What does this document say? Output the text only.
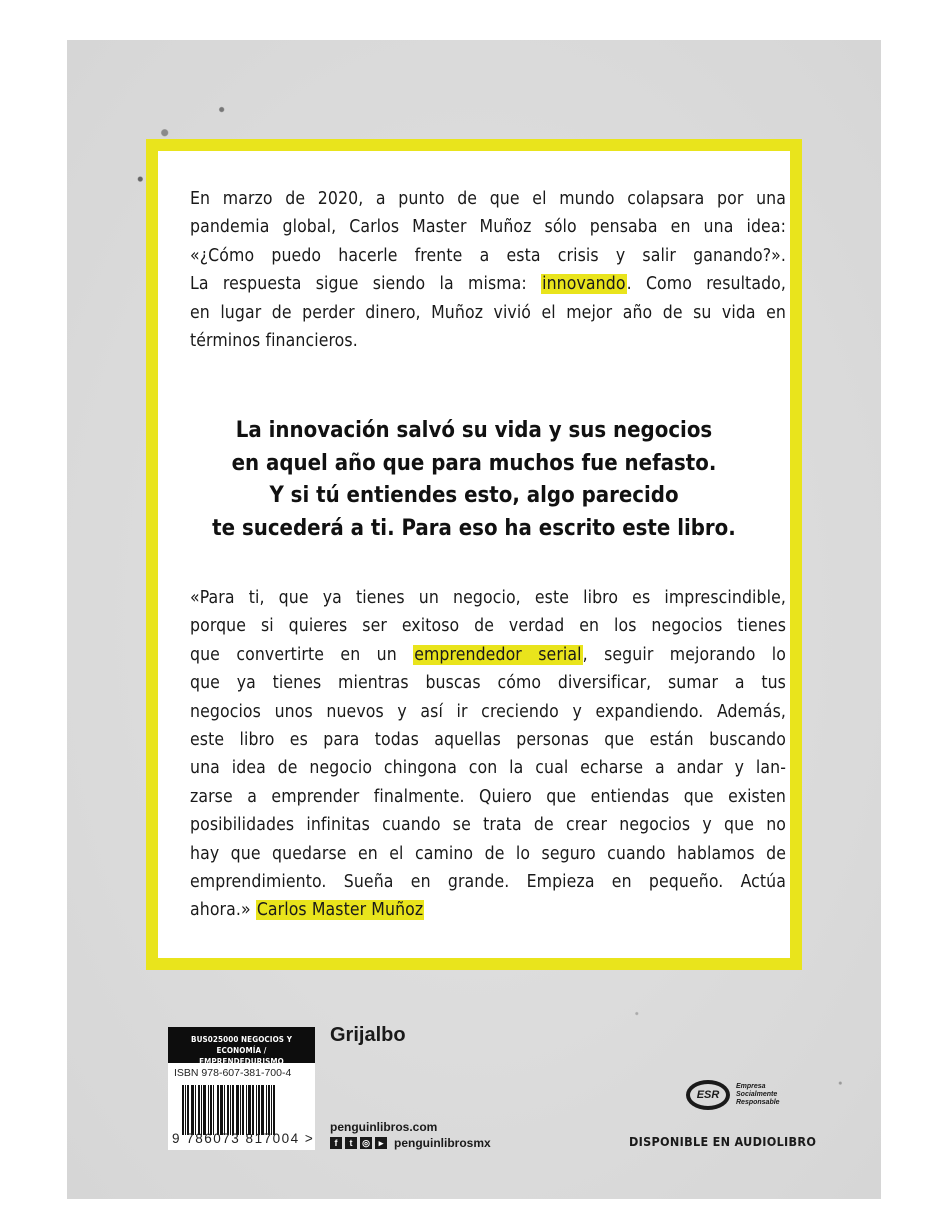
En marzo de 2020, a punto de que el mundo colapsara por una
pandemia global, Carlos Master Muñoz sólo pensaba en una idea:
«¿Cómo puedo hacerle frente a esta crisis y salir ganando?».
La respuesta sigue siendo la misma: innovando. Como resultado,
en lugar de perder dinero, Muñoz vivió el mejor año de su vida en
términos financieros.
La innovación salvó su vida y sus negocios
en aquel año que para muchos fue nefasto.
Y si tú entiendes esto, algo parecido
te sucederá a ti. Para eso ha escrito este libro.
«Para ti, que ya tienes un negocio, este libro es imprescindible,
porque si quieres ser exitoso de verdad en los negocios tienes
que convertirte en un emprendedor serial, seguir mejorando lo
que ya tienes mientras buscas cómo diversificar, sumar a tus
negocios unos nuevos y así ir creciendo y expandiendo. Además,
este libro es para todas aquellas personas que están buscando
una idea de negocio chingona con la cual echarse a andar y lan-
zarse a emprender finalmente. Quiero que entiendas que existen
posibilidades infinitas cuando se trata de crear negocios y que no
hay que quedarse en el camino de lo seguro cuando hablamos de
emprendimiento. Sueña en grande. Empieza en pequeño. Actúa
ahora.» Carlos Master Muñoz
BUS025000 NEGOCIOS Y ECONOMÍA /
EMPRENDEDURISMO
ISBN 978-607-381-700-4
9 786073 817004 >
Grijalbo
penguinlibros.com
f	t	◎ ▸ penguinlibrosmx
ESR
Empresa
Socialmente
Responsable
DISPONIBLE EN AUDIOLIBRO
